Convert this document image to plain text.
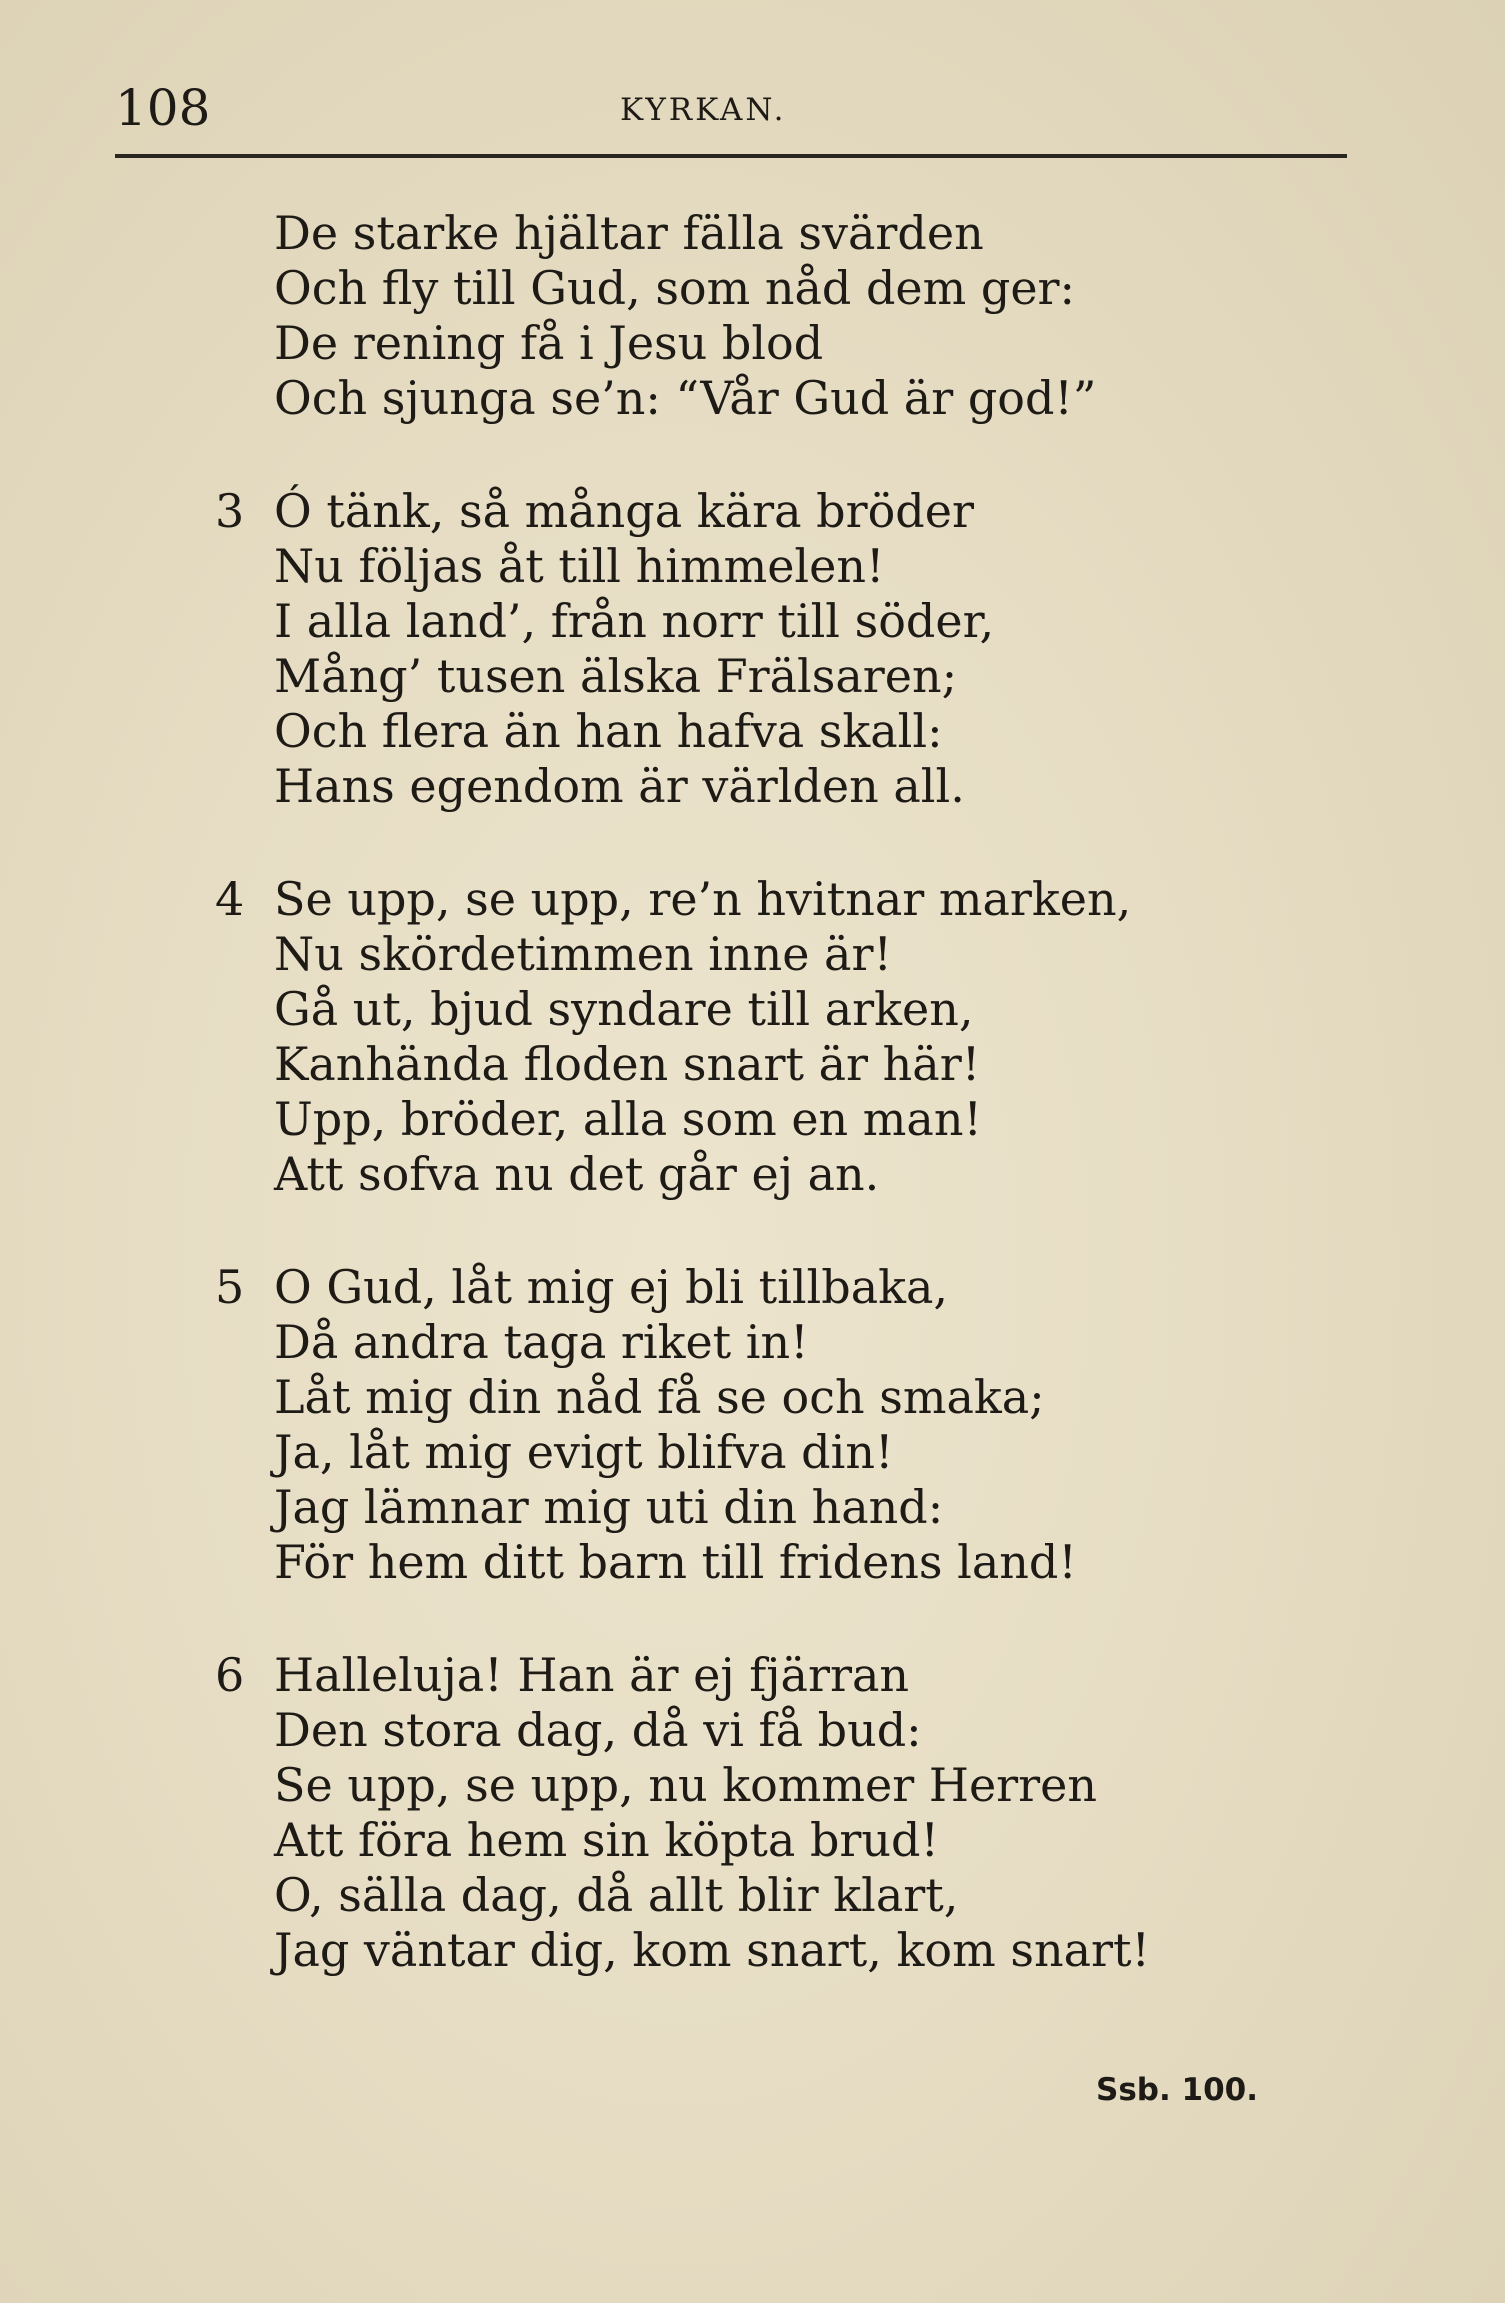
108	KYRKAN.
De starke hjältar fälla svärden
Och fly till Gud, som nåd dem ger:
De rening få i Jesu blod
Och sjunga se’n: “Vår Gud är god!”
3 Ó tänk, så många kära bröder
Nu följas åt till himmelen!
I alla land’, från norr till söder,
Mång’ tusen älska Frälsaren;
Och flera än han hafva skall:
Hans egendom är världen all.
4 Se upp, se upp, re’n hvitnar marken,
Nu skördetimmen inne är!
Gå ut, bjud syndare till arken,
Kanhända floden snart är här!
Upp, bröder, alla som en man!
Att sofva nu det går ej an.
5 O Gud, låt mig ej bli tillbaka,
Då andra taga riket in!
Låt mig din nåd få se och smaka;
Ja, låt mig evigt blifva din!
Jag lämnar mig uti din hand:
För hem ditt barn till fridens land!
6 Halleluja! Han är ej fjärran
Den stora dag, då vi få bud:
Se upp, se upp, nu kommer Herren
Att föra hem sin köpta brud!
O, sälla dag, då allt blir klart,
Jag väntar dig, kom snart, kom snart!
Ssb. 100.
